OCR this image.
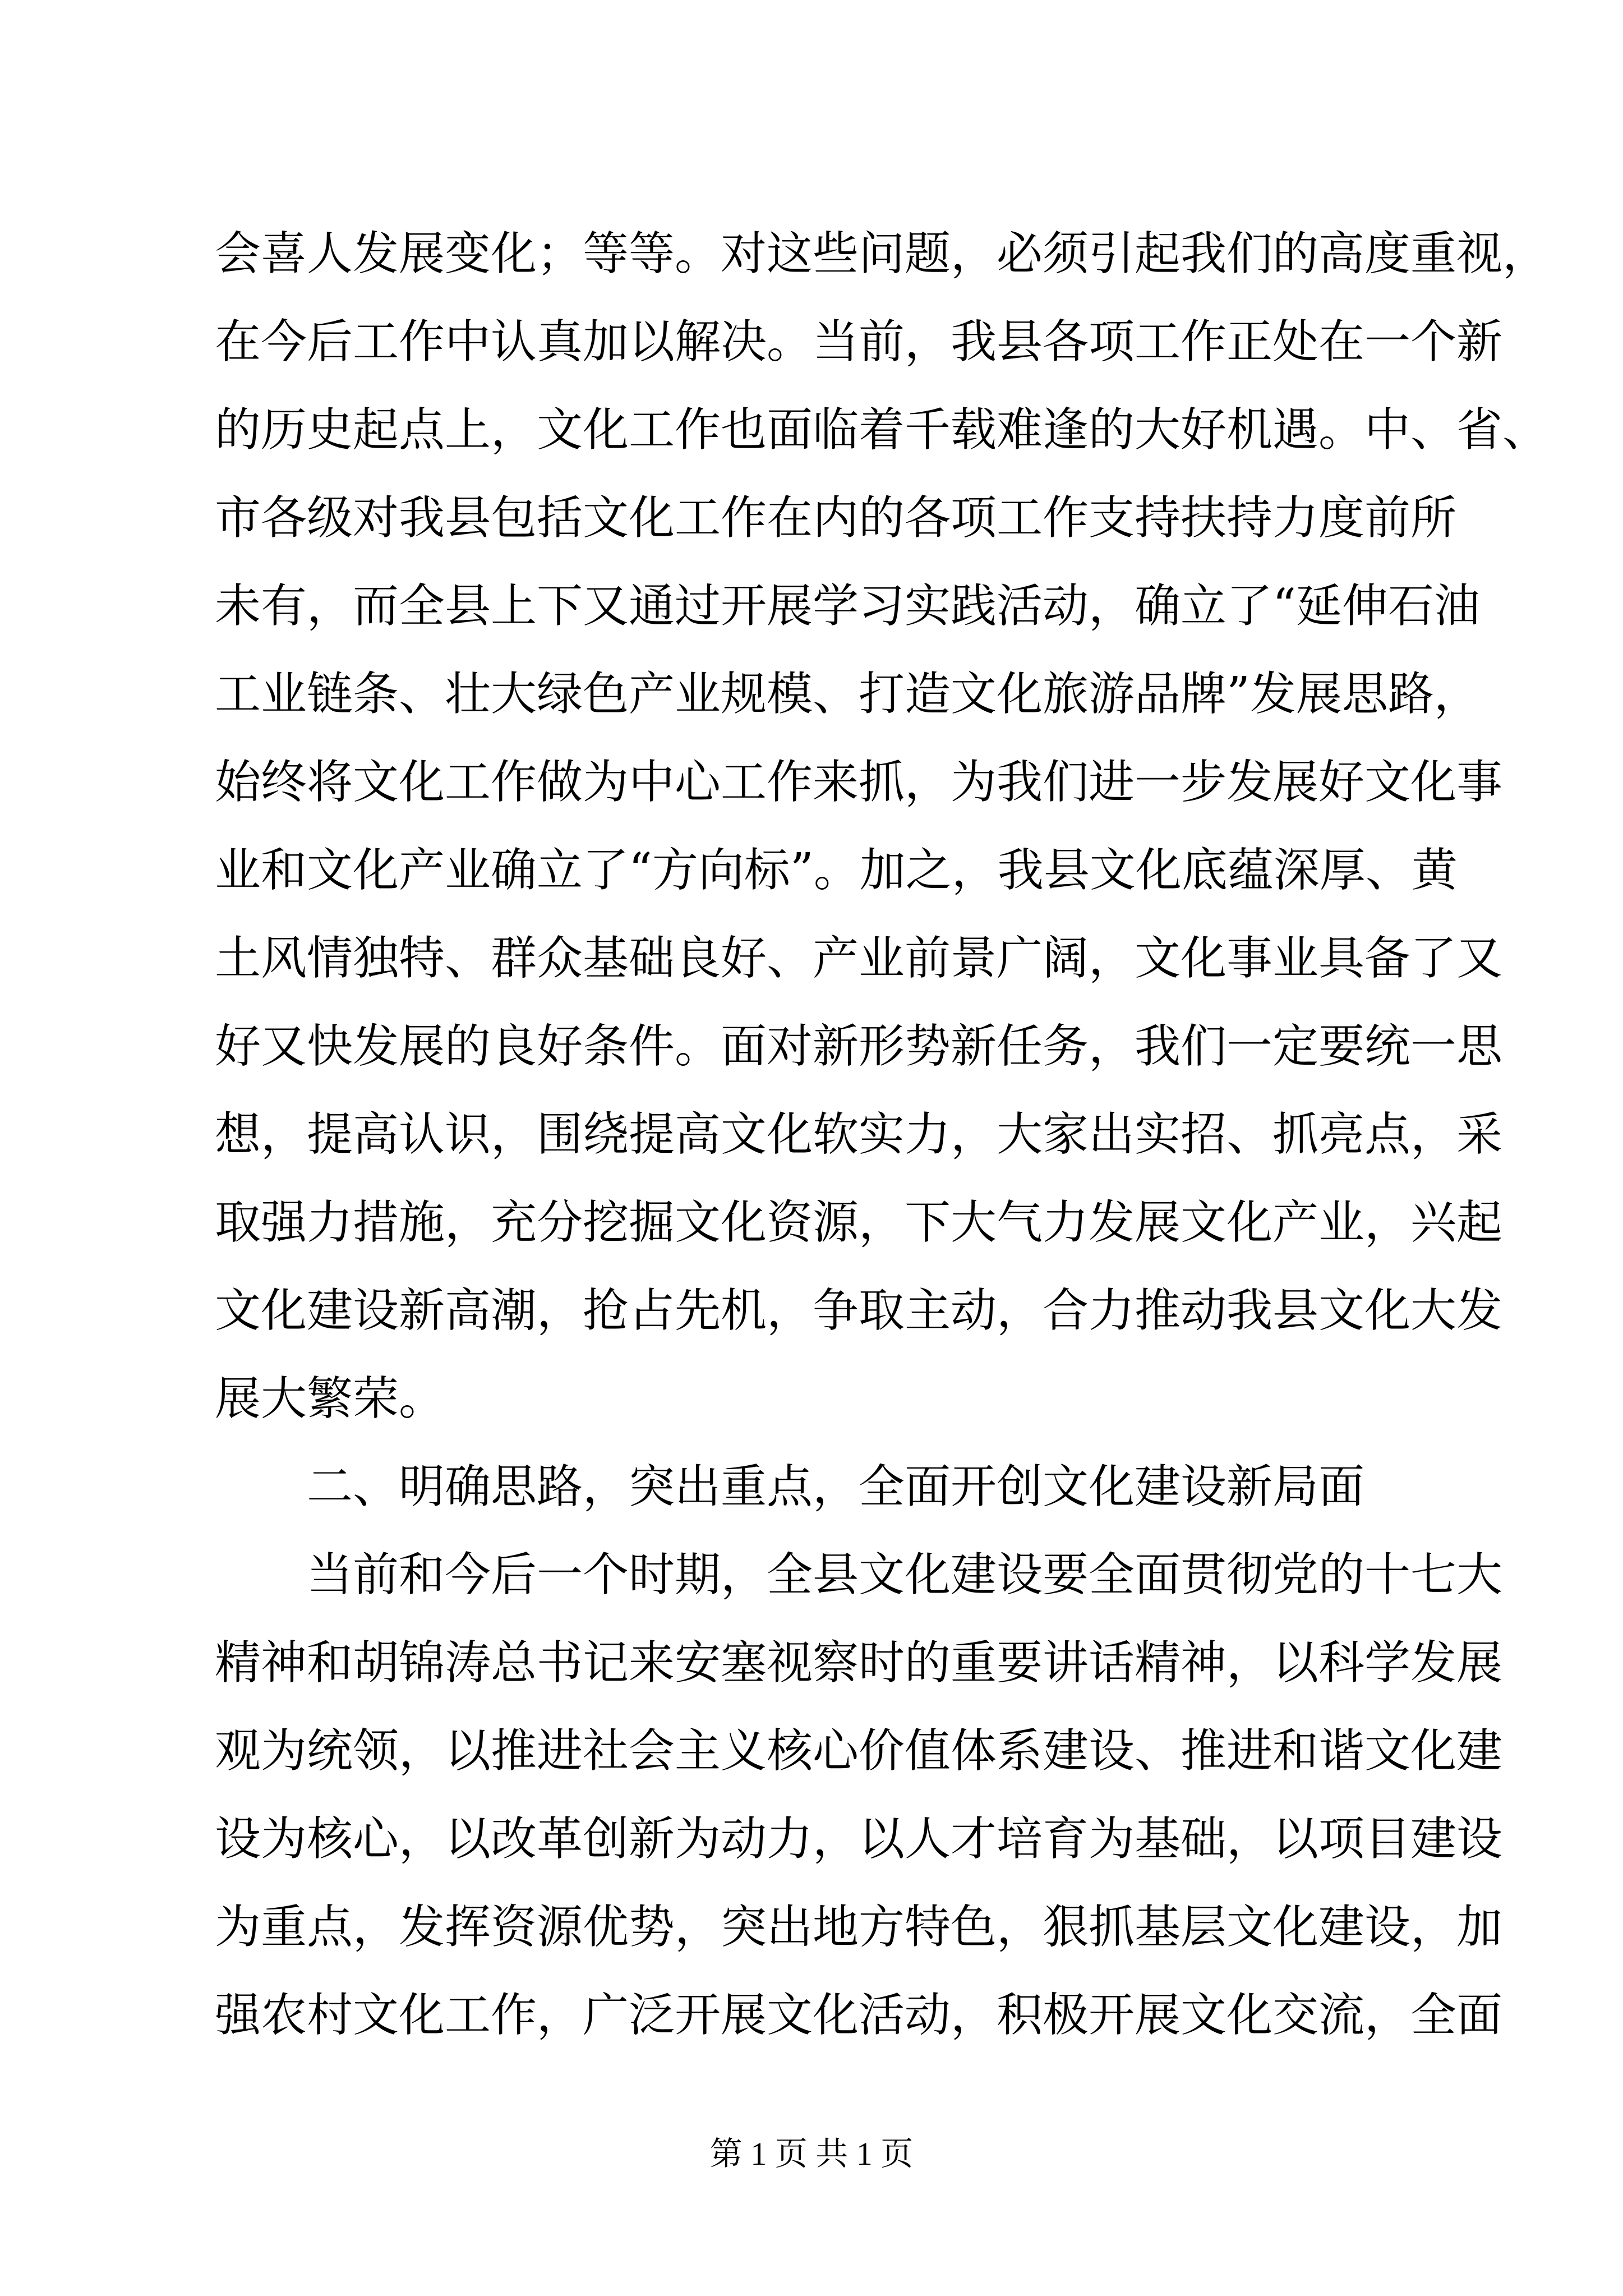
会喜人发展变化；等等。对这些问题，必须引起我们的高度重视，
在今后工作中认真加以解决。当前，我县各项工作正处在一个新
的历史起点上，文化工作也面临着千载难逢的大好机遇。中、省、
市各级对我县包括文化工作在内的各项工作支持扶持力度前所
未有，而全县上下又通过开展学习实践活动，确立了“延伸石油
工业链条、壮大绿色产业规模、打造文化旅游品牌”发展思路，
始终将文化工作做为中心工作来抓，为我们进一步发展好文化事
业和文化产业确立了“方向标”。加之，我县文化底蕴深厚、黄
土风情独特、群众基础良好、产业前景广阔，文化事业具备了又
好又快发展的良好条件。面对新形势新任务，我们一定要统一思
想，提高认识，围绕提高文化软实力，大家出实招、抓亮点，采
取强力措施，充分挖掘文化资源，下大气力发展文化产业，兴起
文化建设新高潮，抢占先机，争取主动，合力推动我县文化大发
展大繁荣。
二、明确思路，突出重点，全面开创文化建设新局面
当前和今后一个时期，全县文化建设要全面贯彻党的十七大
精神和胡锦涛总书记来安塞视察时的重要讲话精神，以科学发展
观为统领，以推进社会主义核心价值体系建设、推进和谐文化建
设为核心，以改革创新为动力，以人才培育为基础，以项目建设
为重点，发挥资源优势，突出地方特色，狠抓基层文化建设，加
强农村文化工作，广泛开展文化活动，积极开展文化交流，全面
第 1 页 共 1 页
